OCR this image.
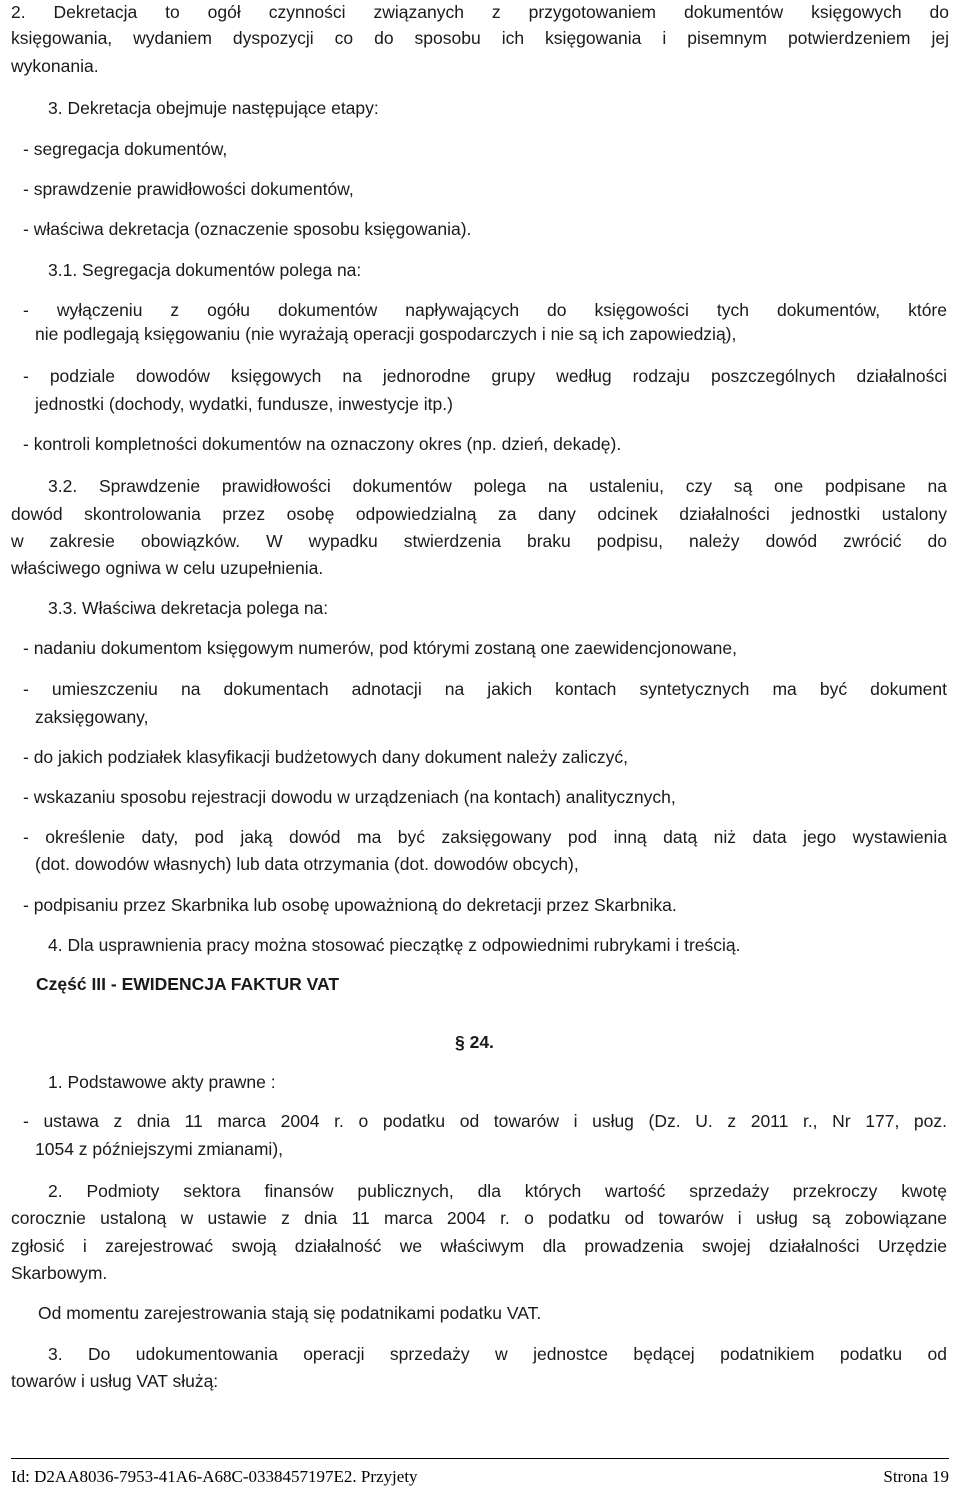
2. Dekretacja to ogół czynności związanych z przygotowaniem dokumentów księgowych do
księgowania, wydaniem dyspozycji co do sposobu ich księgowania i pisemnym potwierdzeniem jej
wykonania.
3. Dekretacja obejmuje następujące etapy:
- segregacja dokumentów,
- sprawdzenie prawidłowości dokumentów,
- właściwa dekretacja (oznaczenie sposobu księgowania).
3.1. Segregacja dokumentów polega na:
- wyłączeniu z ogółu dokumentów napływających do księgowości tych dokumentów, które
nie podlegają księgowaniu (nie wyrażają operacji gospodarczych i nie są ich zapowiedzią),
- podziale dowodów księgowych na jednorodne grupy według rodzaju poszczególnych działalności
jednostki (dochody, wydatki, fundusze, inwestycje itp.)
- kontroli kompletności dokumentów na oznaczony okres (np. dzień, dekadę).
3.2. Sprawdzenie prawidłowości dokumentów polega na ustaleniu, czy są one podpisane na
dowód skontrolowania przez osobę odpowiedzialną za dany odcinek działalności jednostki ustalony
w zakresie obowiązków. W wypadku stwierdzenia braku podpisu, należy dowód zwrócić do
właściwego ogniwa w celu uzupełnienia.
3.3. Właściwa dekretacja polega na:
- nadaniu dokumentom księgowym numerów, pod którymi zostaną one zaewidencjonowane,
- umieszczeniu na dokumentach adnotacji na jakich kontach syntetycznych ma być dokument
zaksięgowany,
- do jakich podziałek klasyfikacji budżetowych dany dokument należy zaliczyć,
- wskazaniu sposobu rejestracji dowodu w urządzeniach (na kontach) analitycznych,
- określenie daty, pod jaką dowód ma być zaksięgowany pod inną datą niż data jego wystawienia
(dot. dowodów własnych) lub data otrzymania (dot. dowodów obcych),
- podpisaniu przez Skarbnika lub osobę upoważnioną do dekretacji przez Skarbnika.
4. Dla usprawnienia pracy można stosować pieczątkę z odpowiednimi rubrykami i treścią.
Część III - EWIDENCJA FAKTUR VAT
§ 24.
1. Podstawowe akty prawne :
- ustawa z dnia 11 marca 2004 r. o podatku od towarów i usług (Dz. U. z 2011 r., Nr 177, poz.
1054 z późniejszymi zmianami),
2. Podmioty sektora finansów publicznych, dla których wartość sprzedaży przekroczy kwotę
corocznie ustaloną w ustawie z dnia 11 marca 2004 r. o podatku od towarów i usług są zobowiązane
zgłosić i zarejestrować swoją działalność we właściwym dla prowadzenia swojej działalności Urzędzie
Skarbowym.
Od momentu zarejestrowania stają się podatnikami podatku VAT.
3. Do udokumentowania operacji sprzedaży w jednostce będącej podatnikiem podatku od
towarów i usług VAT służą:
Id: D2AA8036-7953-41A6-A68C-0338457197E2. Przyjety	Strona 19
